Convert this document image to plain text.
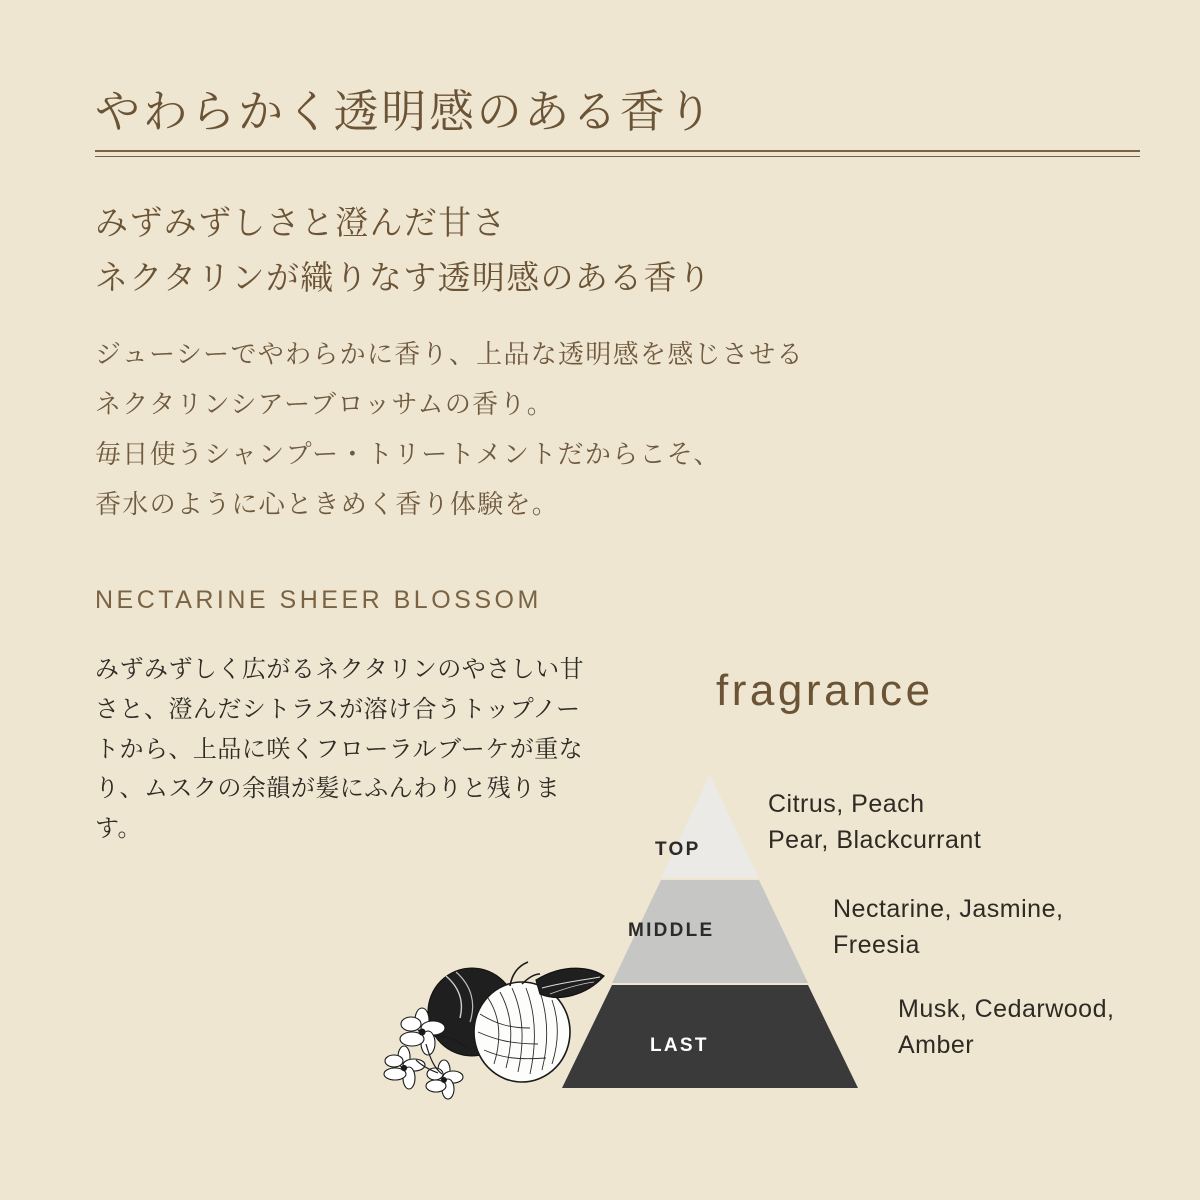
やわらかく透明感のある香り
みずみずしさと澄んだ甘さ
ネクタリンが織りなす透明感のある香り
ジューシーでやわらかに香り、上品な透明感を感じさせる
ネクタリンシアーブロッサムの香り。
毎日使うシャンプー・トリートメントだからこそ、
香水のように心ときめく香り体験を。
NECTARINE SHEER BLOSSOM
みずみずしく広がるネクタリンのやさしい甘さと、澄んだシトラスが溶け合うトップノートから、上品に咲くフローラルブーケが重なり、ムスクの余韻が髪にふんわりと残ります。
fragrance
TOP
MIDDLE
LAST
Citrus, Peach
Pear, Blackcurrant
Nectarine, Jasmine,
Freesia
Musk, Cedarwood,
Amber
